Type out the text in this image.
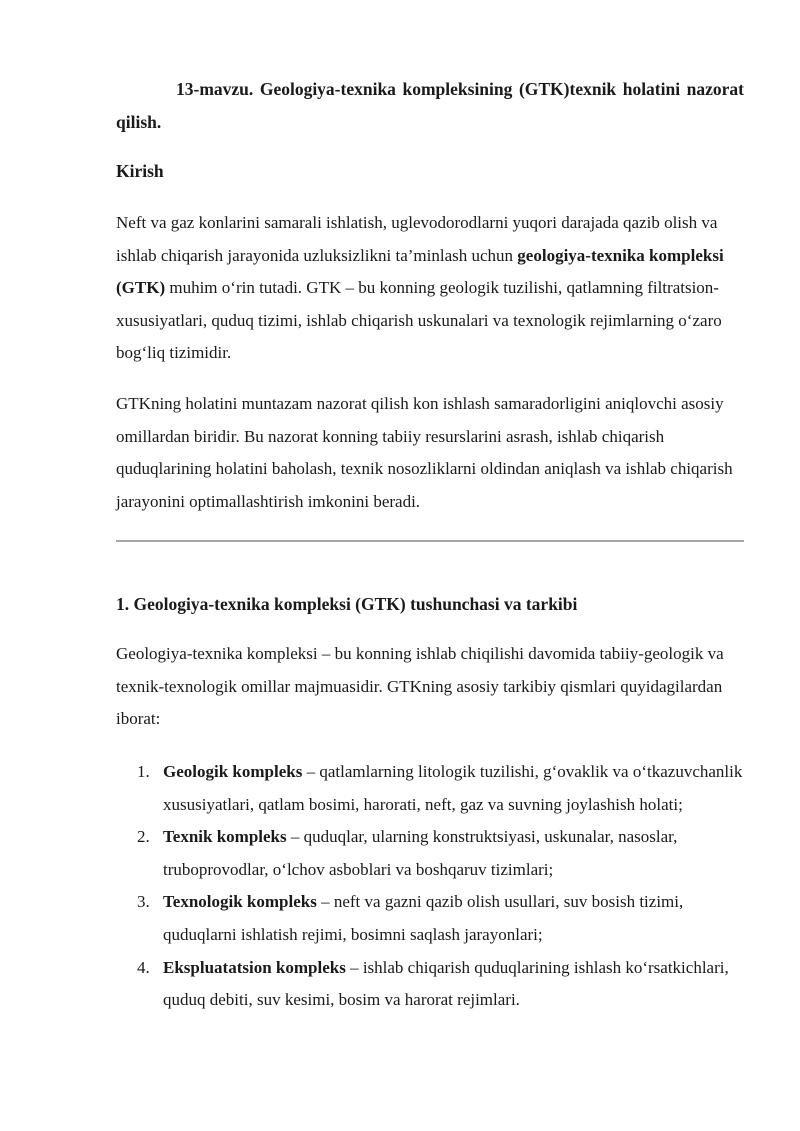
13-mavzu. Geologiya-texnika kompleksining (GTK)texnik holatini nazorat qilish.

Kirish

Neft va gaz konlarini samarali ishlatish, uglevodorodlarni yuqori darajada qazib olish va ishlab chiqarish jarayonida uzluksizlikni ta’minlash uchun geologiya-texnika kompleksi (GTK) muhim o‘rin tutadi. GTK – bu konning geologik tuzilishi, qatlamning filtratsion-xususiyatlari, quduq tizimi, ishlab chiqarish uskunalari va texnologik rejimlarning o‘zaro bog‘liq tizimidir.

GTKning holatini muntazam nazorat qilish kon ishlash samaradorligini aniqlovchi asosiy omillardan biridir. Bu nazorat konning tabiiy resurslarini asrash, ishlab chiqarish quduqlarining holatini baholash, texnik nosozliklarni oldindan aniqlash va ishlab chiqarish jarayonini optimallashtirish imkonini beradi.

1. Geologiya-texnika kompleksi (GTK) tushunchasi va tarkibi

Geologiya-texnika kompleksi – bu konning ishlab chiqilishi davomida tabiiy-geologik va texnik-texnologik omillar majmuasidir. GTKning asosiy tarkibiy qismlari quyidagilardan iborat:

1. Geologik kompleks – qatlamlarning litologik tuzilishi, g‘ovaklik va o‘tkazuvchanlik xususiyatlari, qatlam bosimi, harorati, neft, gaz va suvning joylashish holati;
2. Texnik kompleks – quduqlar, ularning konstruktsiyasi, uskunalar, nasoslar, truboprovodlar, o‘lchov asboblari va boshqaruv tizimlari;
3. Texnologik kompleks – neft va gazni qazib olish usullari, suv bosish tizimi, quduqlarni ishlatish rejimi, bosimni saqlash jarayonlari;
4. Ekspluatatsion kompleks – ishlab chiqarish quduqlarining ishlash ko‘rsatkichlari, quduq debiti, suv kesimi, bosim va harorat rejimlari.
